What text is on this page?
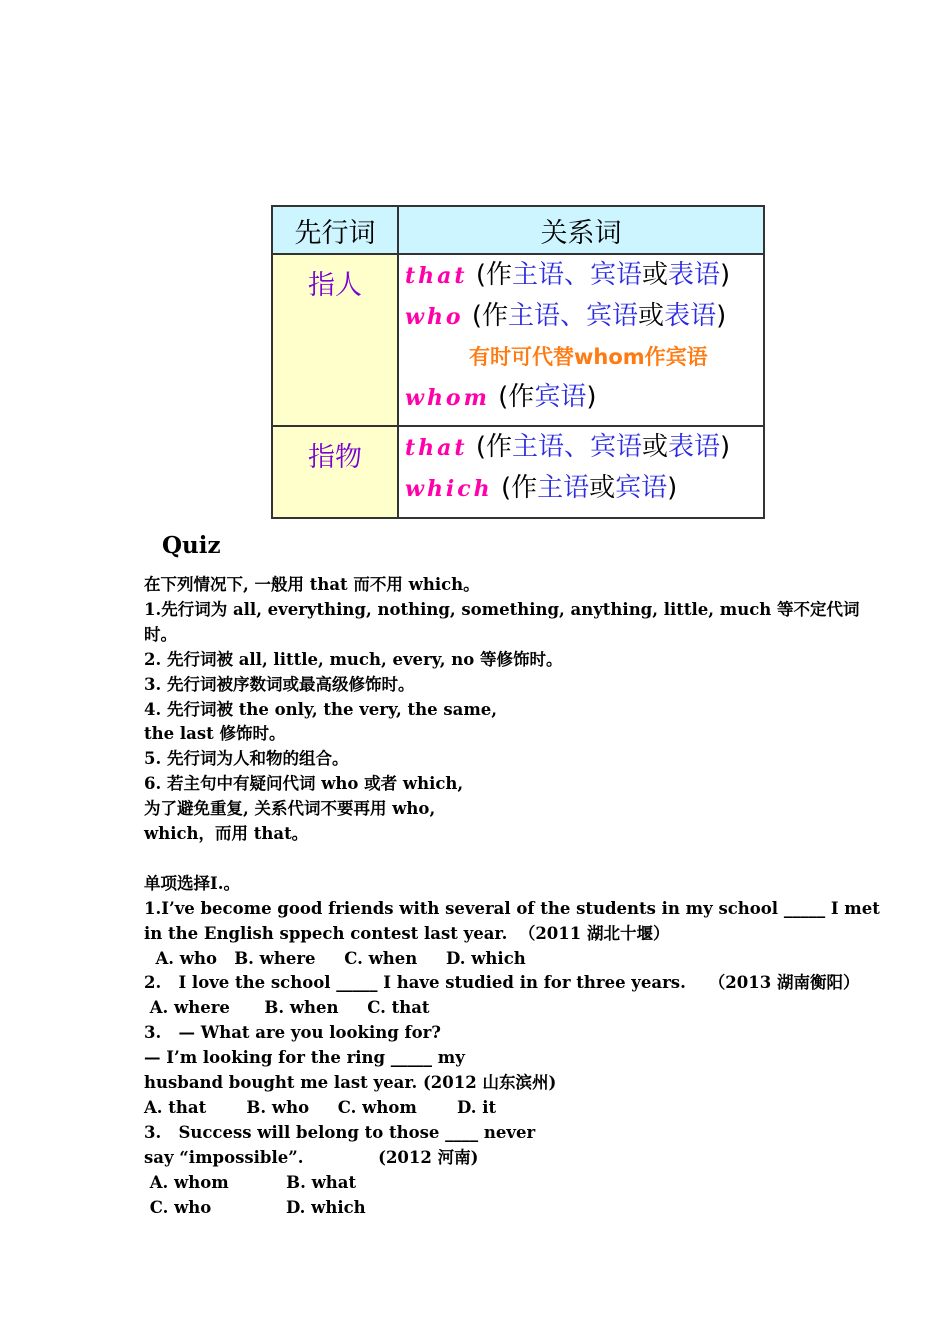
先行词	关系词
指人	that (作主语、宾语或表语)
who (作主语、宾语或表语)
有时可代替whom作宾语
whom (作宾语)

指物	that (作主语、宾语或表语)
which (作主语或宾语)
Quiz
在下列情况下, 一般用 that 而不用 which。
1.先行词为 all, everything, nothing, something, anything, little, much 等不定代词
时。
2. 先行词被 all, little, much, every, no 等修饰时。
3. 先行词被序数词或最高级修饰时。
4. 先行词被 the only, the very, the same,
the last 修饰时。
5. 先行词为人和物的组合。
6. 若主句中有疑问代词 who 或者 which,
为了避免重复, 关系代词不要再用 who,
which，而用 that。
单项选择Ⅰ.。
1.I’ve become good friends with several of the students in my school _____ I met
in the English sppech contest last year.  （2011 湖北十堰）
A. who   B. where     C. when     D. which
2.   I love the school _____ I have studied in for three years.    （2013 湖南衡阳）
A. where      B. when     C. that
3.   — What are you looking for?
— I’m looking for the ring _____ my
husband bought me last year. (2012 山东滨州)
A. that       B. who     C. whom       D. it
3.   Success will belong to those ____ never
say “impossible”.             (2012 河南)
A. whom          B. what
C. who             D. which
